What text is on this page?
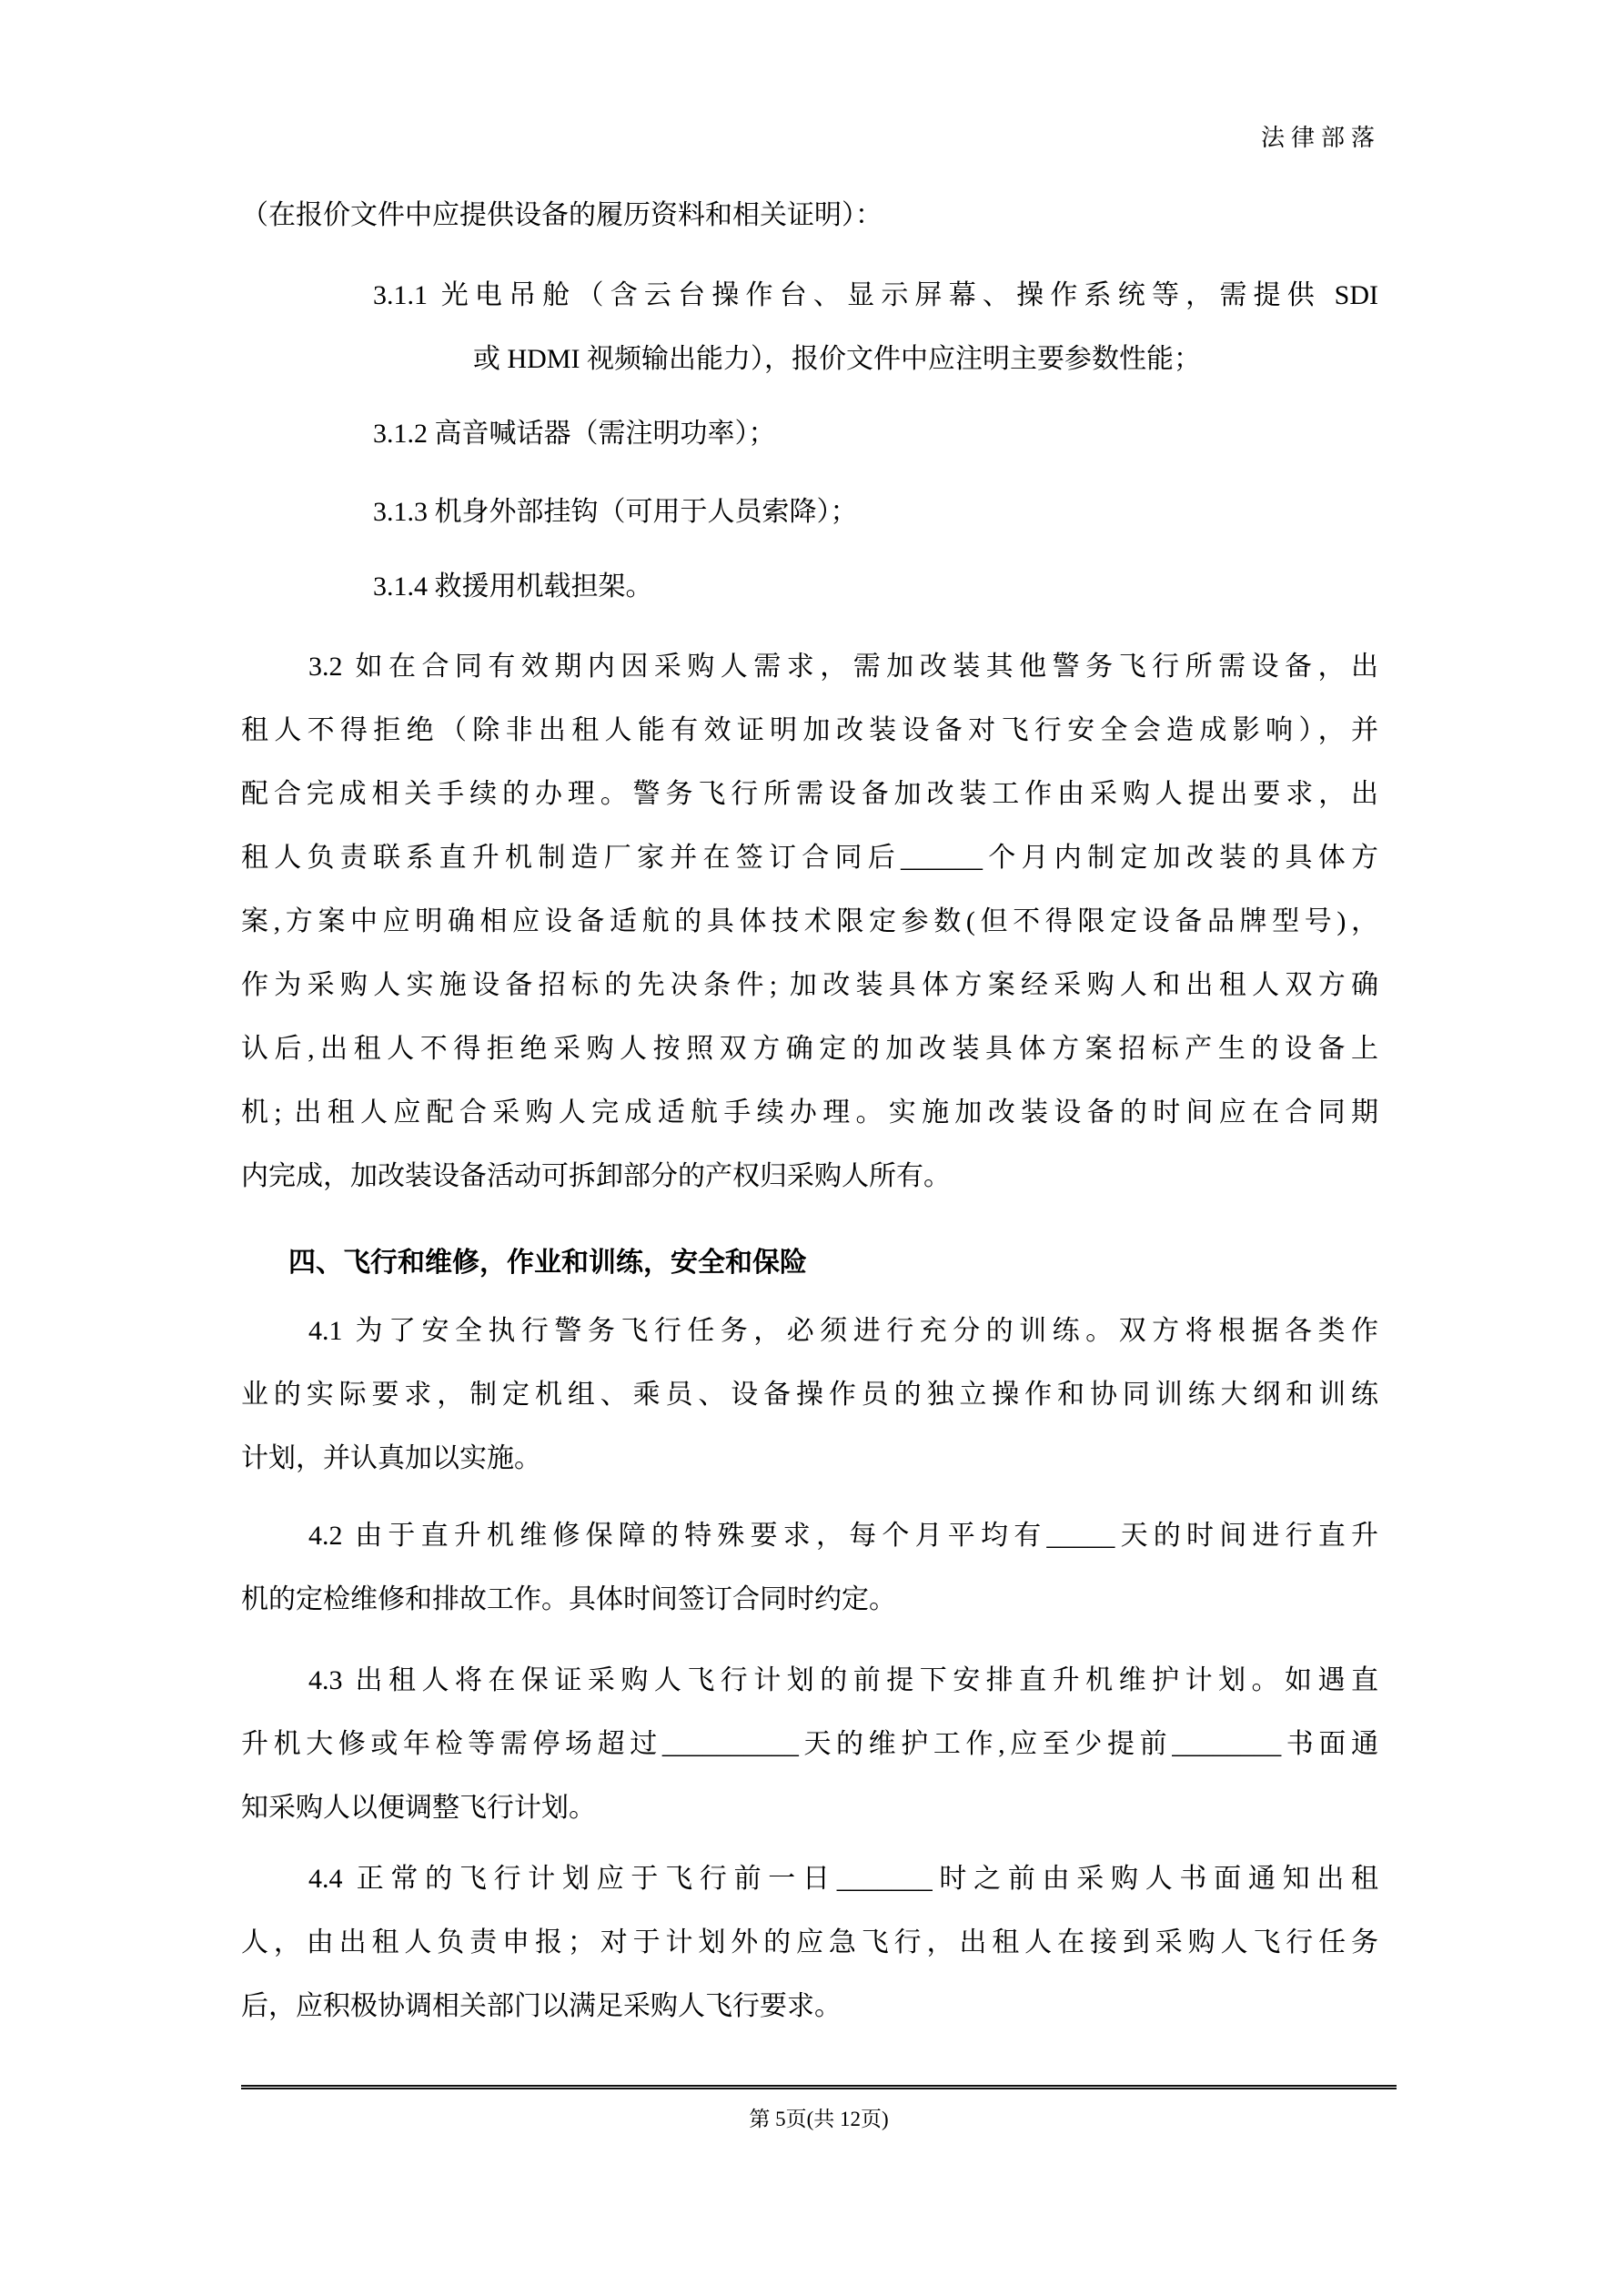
法律部落
（在报价文件中应提供设备的履历资料和相关证明）：
3.1.1 光电吊舱（含云台操作台、显示屏幕、操作系统等，需提供 SDI
或 HDMI 视频输出能力），报价文件中应注明主要参数性能；
3.1.2 高音喊话器（需注明功率）；
3.1.3 机身外部挂钩（可用于人员索降）；
3.1.4 救援用机载担架。
3.2 如在合同有效期内因采购人需求，需加改装其他警务飞行所需设备，出
租人不得拒绝（除非出租人能有效证明加改装设备对飞行安全会造成影响），并
配合完成相关手续的办理。警务飞行所需设备加改装工作由采购人提出要求，出
租人负责联系直升机制造厂家并在签订合同后______个月内制定加改装的具体方
案,方案中应明确相应设备适航的具体技术限定参数(但不得限定设备品牌型号)，
作为采购人实施设备招标的先决条件; 加改装具体方案经采购人和出租人双方确
认后,出租人不得拒绝采购人按照双方确定的加改装具体方案招标产生的设备上
机; 出租人应配合采购人完成适航手续办理。实施加改装设备的时间应在合同期
内完成，加改装设备活动可拆卸部分的产权归采购人所有。
四、飞行和维修，作业和训练，安全和保险
4.1 为了安全执行警务飞行任务，必须进行充分的训练。双方将根据各类作
业的实际要求，制定机组、乘员、设备操作员的独立操作和协同训练大纲和训练
计划，并认真加以实施。
4.2 由于直升机维修保障的特殊要求，每个月平均有_____天的时间进行直升
机的定检维修和排故工作。具体时间签订合同时约定。
4.3 出租人将在保证采购人飞行计划的前提下安排直升机维护计划。如遇直
升机大修或年检等需停场超过__________天的维护工作,应至少提前________书面通
知采购人以便调整飞行计划。
4.4 正常的飞行计划应于飞行前一日_______时之前由采购人书面通知出租
人，由出租人负责申报；对于计划外的应急飞行，出租人在接到采购人飞行任务
后，应积极协调相关部门以满足采购人飞行要求。
第 5页(共 12页)
